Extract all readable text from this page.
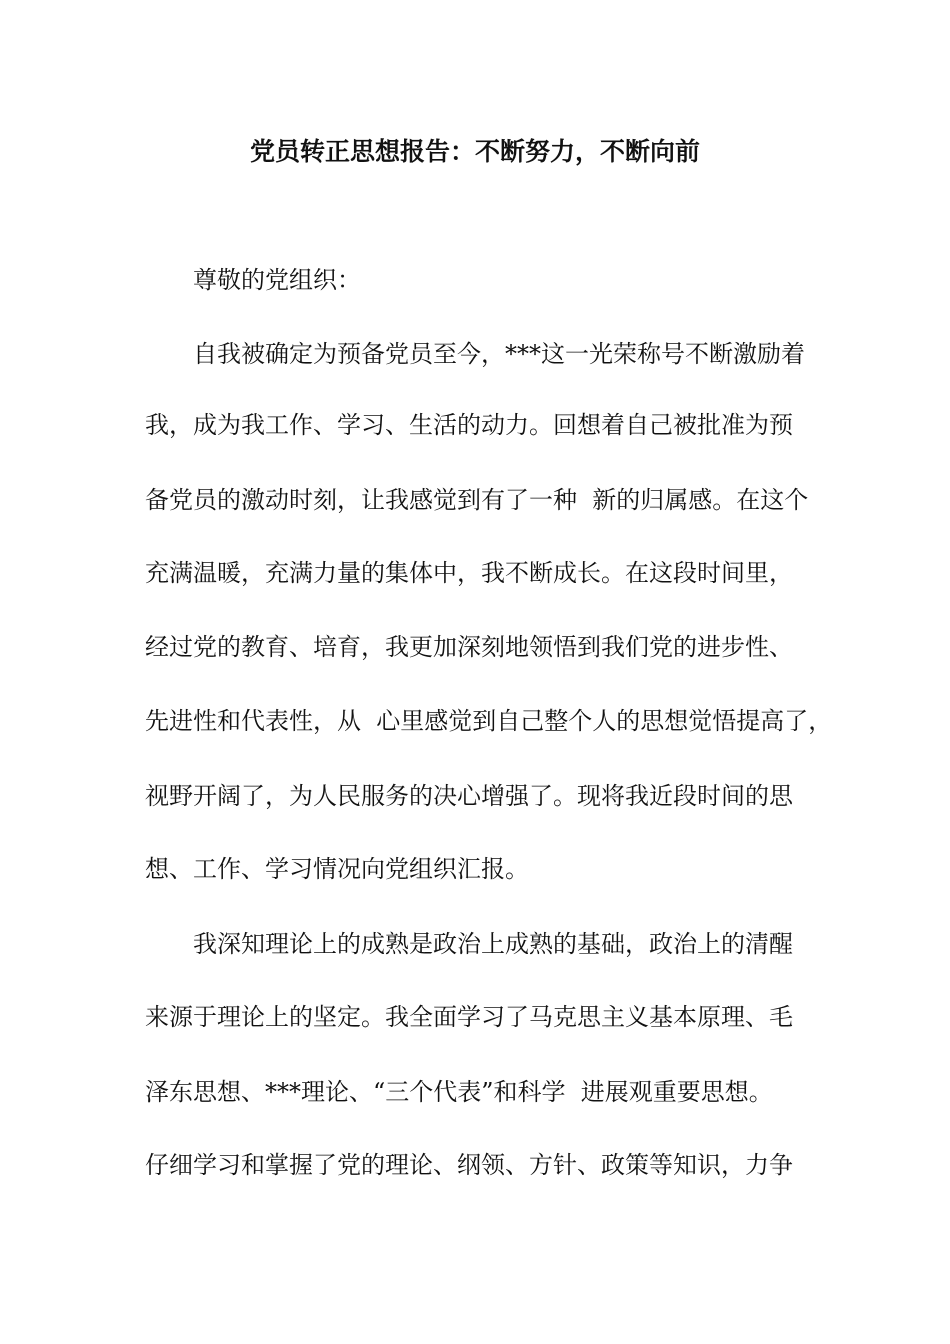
党员转正思想报告：不断努力，不断向前
尊敬的党组织：
自我被确定为预备党员至今，***这一光荣称号不断激励着
我，成为我工作、学习、生活的动力。回想着自己被批准为预
备党员的激动时刻，让我感觉到有了一种  新的归属感。在这个
充满温暖，充满力量的集体中，我不断成长。在这段时间里，
经过党的教育、培育，我更加深刻地领悟到我们党的进步性、
先进性和代表性，从  心里感觉到自己整个人的思想觉悟提高了，
视野开阔了，为人民服务的决心增强了。现将我近段时间的思
想、工作、学习情况向党组织汇报。
我深知理论上的成熟是政治上成熟的基础，政治上的清醒
来源于理论上的坚定。我全面学习了马克思主义基本原理、毛
泽东思想、***理论、“三个代表”和科学  进展观重要思想。
仔细学习和掌握了党的理论、纲领、方针、政策等知识，力争
